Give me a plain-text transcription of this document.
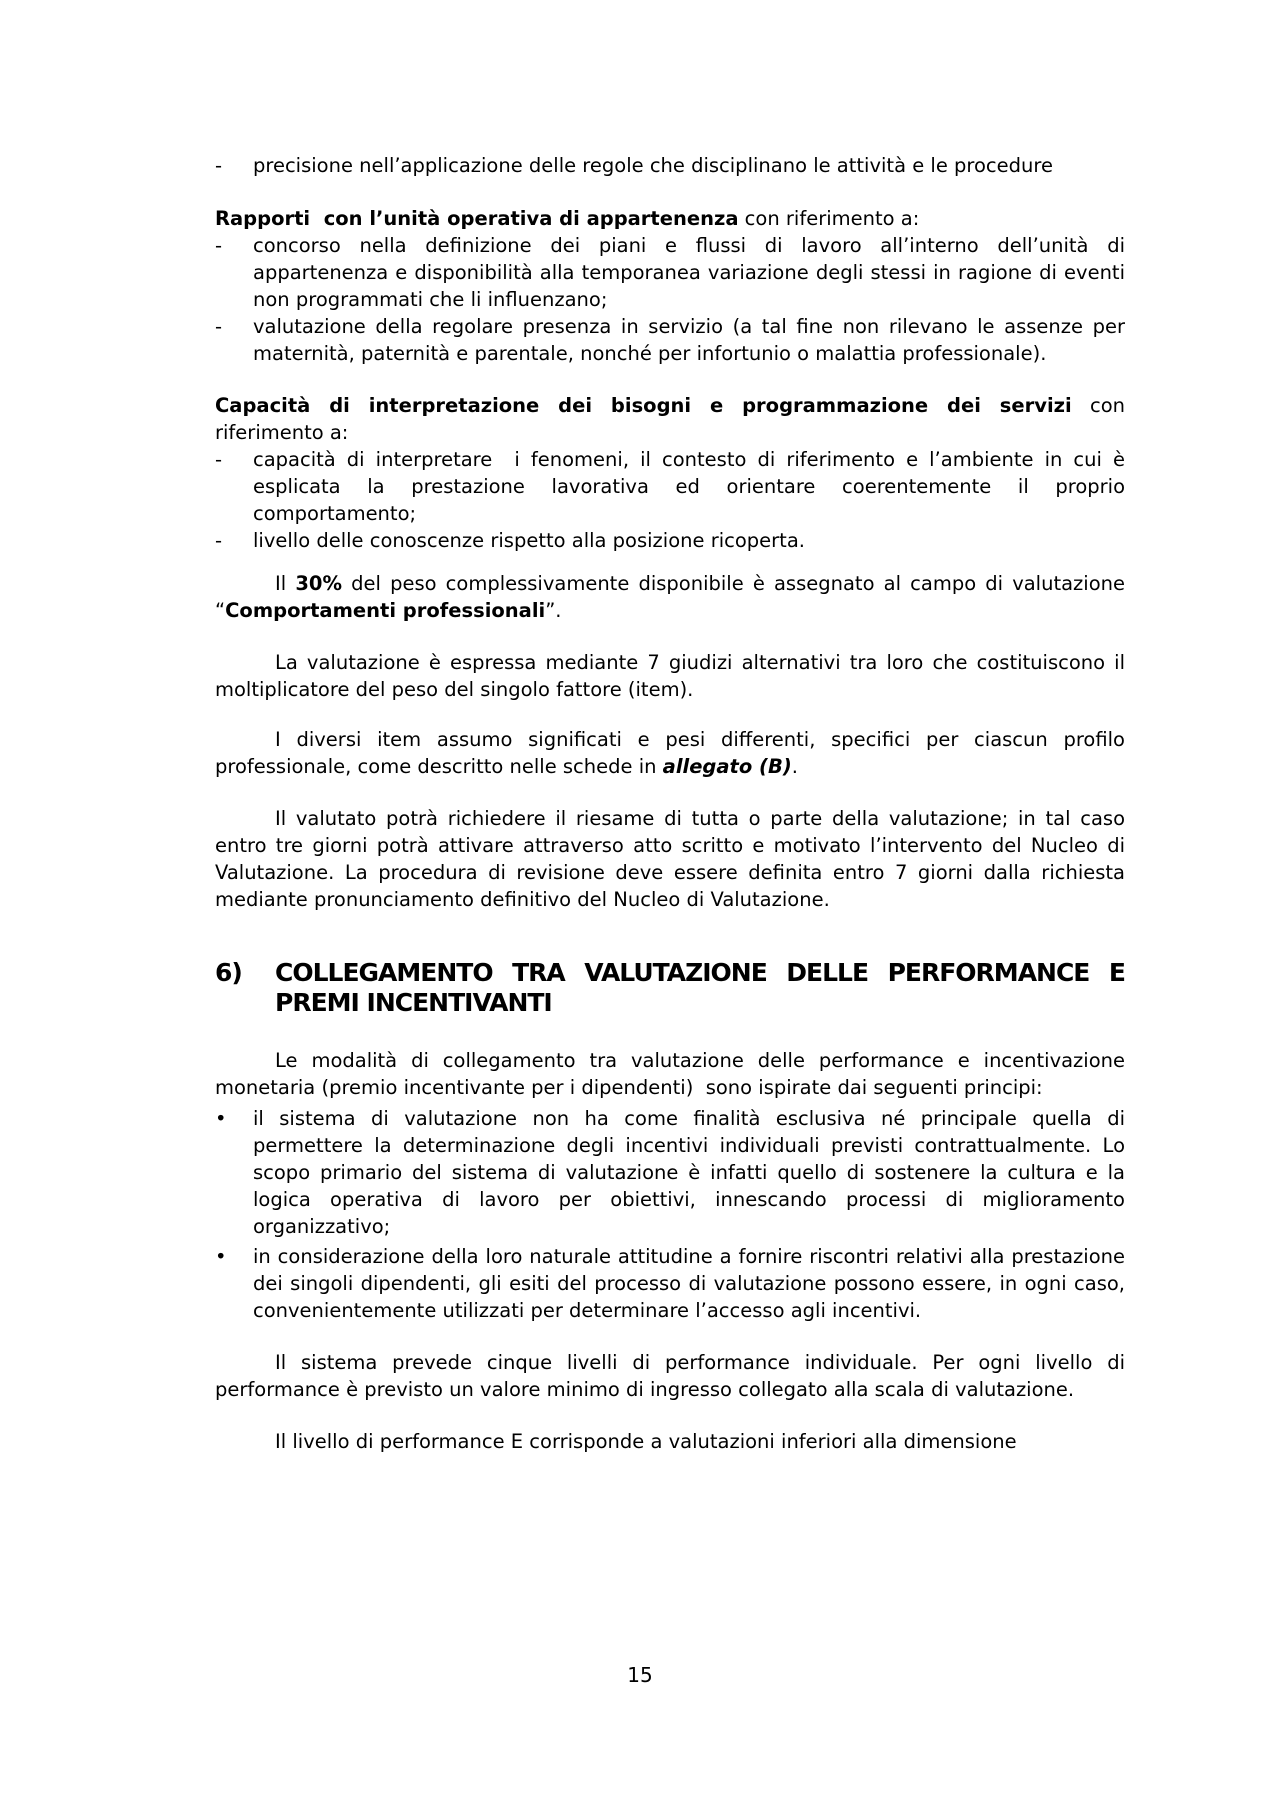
- precisione nell’applicazione delle regole che disciplinano le attività e le procedure
Rapporti  con l’unità operativa di appartenenza con riferimento a:
- concorso nella definizione dei piani e flussi di lavoro all’interno dell’unità di appartenenza e disponibilità alla temporanea variazione degli stessi in ragione di eventi non programmati che li influenzano;
- valutazione della regolare presenza in servizio (a tal fine non rilevano le assenze per maternità, paternità e parentale, nonché per infortunio o malattia professionale).
Capacità di interpretazione dei bisogni e programmazione dei servizi con riferimento a:
- capacità di interpretare  i fenomeni, il contesto di riferimento e l’ambiente in cui è esplicata la prestazione lavorativa ed orientare coerentemente il proprio comportamento;
- livello delle conoscenze rispetto alla posizione ricoperta.
Il 30% del peso complessivamente disponibile è assegnato al campo di valutazione “Comportamenti professionali”.
La valutazione è espressa mediante 7 giudizi alternativi tra loro che costituiscono il moltiplicatore del peso del singolo fattore (item).
I diversi item assumo significati e pesi differenti, specifici per ciascun profilo professionale, come descritto nelle schede in allegato (B).
Il valutato potrà richiedere il riesame di tutta o parte della valutazione; in tal caso entro tre giorni potrà attivare attraverso atto scritto e motivato l’intervento del Nucleo di Valutazione. La procedura di revisione deve essere definita entro 7 giorni dalla richiesta mediante pronunciamento definitivo del Nucleo di Valutazione.
6) COLLEGAMENTO TRA VALUTAZIONE DELLE PERFORMANCE E
PREMI INCENTIVANTI
Le modalità di collegamento tra valutazione delle performance e incentivazione monetaria (premio incentivante per i dipendenti)  sono ispirate dai seguenti principi:
• il sistema di valutazione non ha come finalità esclusiva né principale quella di permettere la determinazione degli incentivi individuali previsti contrattualmente. Lo scopo primario del sistema di valutazione è infatti quello di sostenere la cultura e la logica operativa di lavoro per obiettivi, innescando processi di miglioramento organizzativo;
• in considerazione della loro naturale attitudine a fornire riscontri relativi alla prestazione dei singoli dipendenti, gli esiti del processo di valutazione possono essere, in ogni caso, convenientemente utilizzati per determinare l’accesso agli incentivi.
Il sistema prevede cinque livelli di performance individuale. Per ogni livello di performance è previsto un valore minimo di ingresso collegato alla scala di valutazione.
Il livello di performance E corrisponde a valutazioni inferiori alla dimensione
15
